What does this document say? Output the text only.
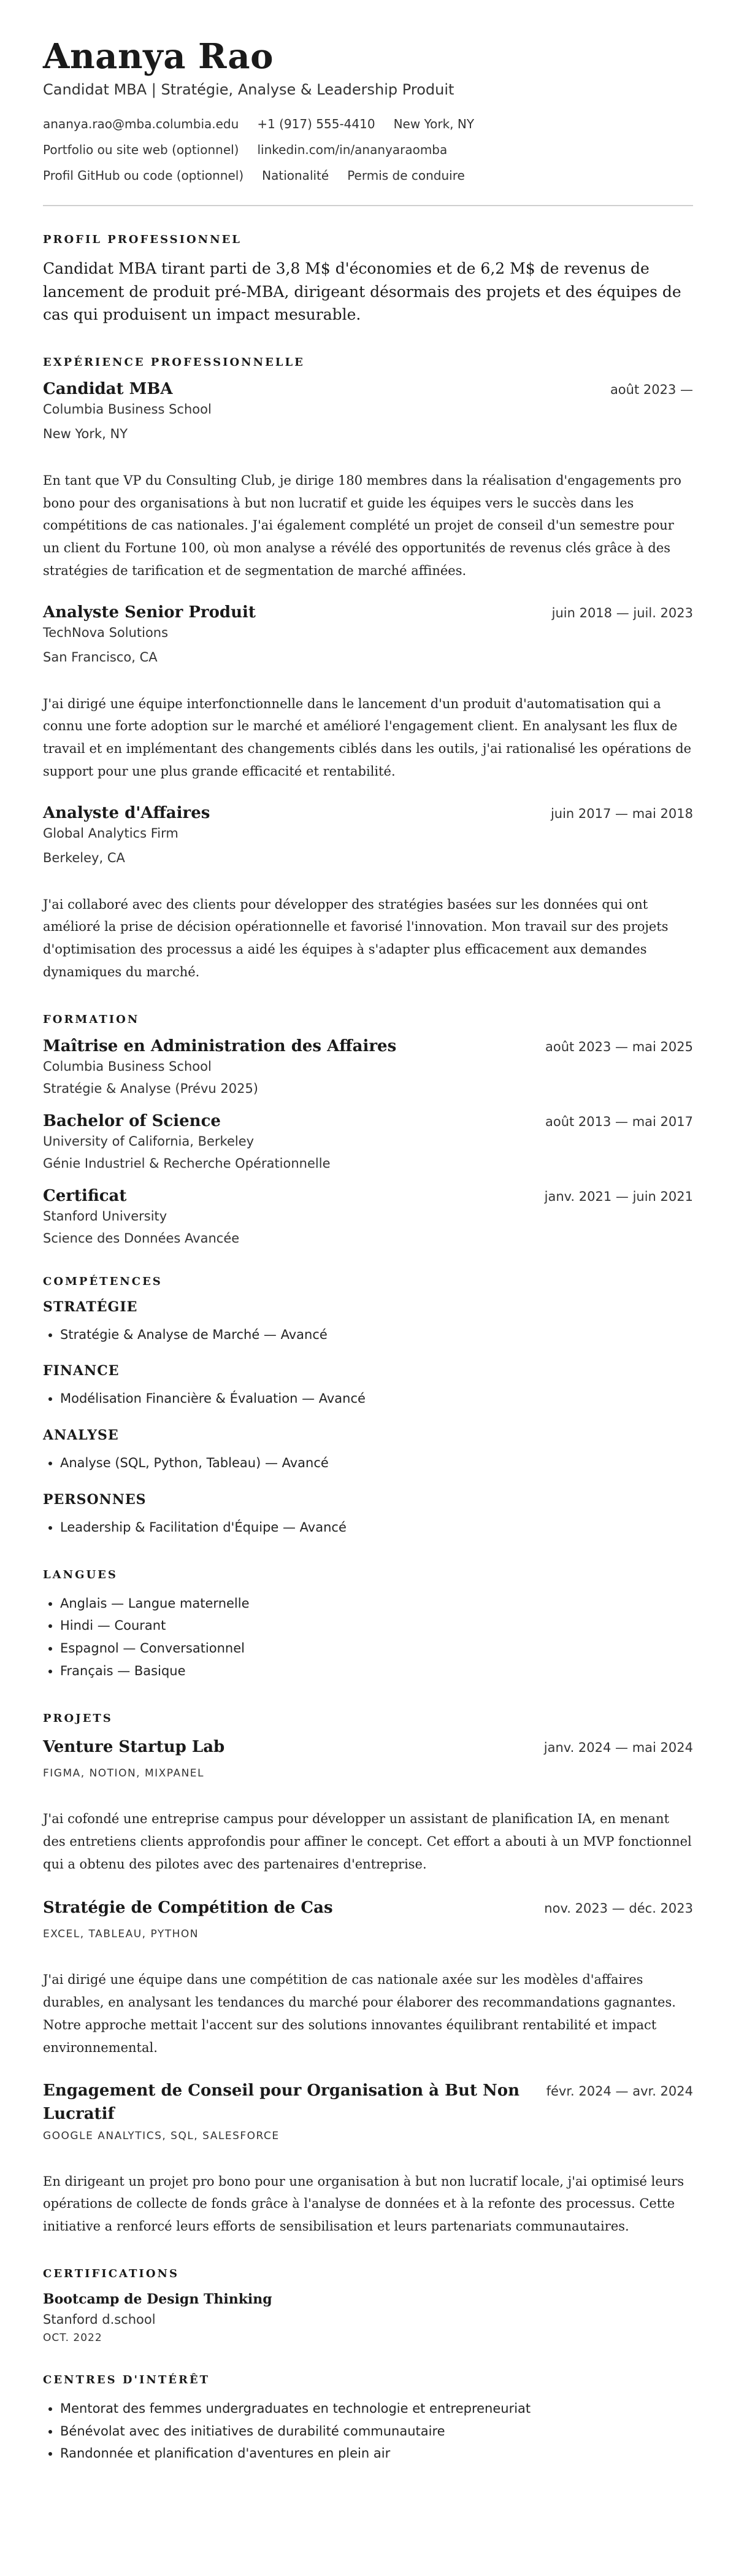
Ananya Rao

Candidat MBA | Stratégie, Analyse & Leadership Produit

ananya.rao@mba.columbia.edu +1 (917) 555-4410 New York, NY
Portfolio ou site web (optionnel) linkedin.com/in/ananyaraomba
Profil GitHub ou code (optionnel) Nationalité Permis de conduire
PROFIL PROFESSIONNEL

Candidat MBA tirant parti de 3,8 M$ d'économies et de 6,2 M$ de revenus de lancement de produit pré-MBA, dirigeant désormais des projets et des équipes de cas qui produisent un impact mesurable.

EXPÉRIENCE PROFESSIONNELLE
Candidat MBA	août 2023 —

Columbia Business School

New York, NY

En tant que VP du Consulting Club, je dirige 180 membres dans la réalisation d'engagements pro bono pour des organisations à but non lucratif et guide les équipes vers le succès dans les compétitions de cas nationales. J'ai également complété un projet de conseil d'un semestre pour un client du Fortune 100, où mon analyse a révélé des opportunités de revenus clés grâce à des stratégies de tarification et de segmentation de marché affinées.

Analyste Senior Produit	juin 2018 — juil. 2023

TechNova Solutions

San Francisco, CA

J'ai dirigé une équipe interfonctionnelle dans le lancement d'un produit d'automatisation qui a connu une forte adoption sur le marché et amélioré l'engagement client. En analysant les flux de travail et en implémentant des changements ciblés dans les outils, j'ai rationalisé les opérations de support pour une plus grande efficacité et rentabilité.

Analyste d'Affaires	juin 2017 — mai 2018

Global Analytics Firm

Berkeley, CA

J'ai collaboré avec des clients pour développer des stratégies basées sur les données qui ont amélioré la prise de décision opérationnelle et favorisé l'innovation. Mon travail sur des projets d'optimisation des processus a aidé les équipes à s'adapter plus efficacement aux demandes dynamiques du marché.

FORMATION
Maîtrise en Administration des Affaires	août 2023 — mai 2025

Columbia Business School

Stratégie & Analyse (Prévu 2025)

Bachelor of Science	août 2013 — mai 2017

University of California, Berkeley

Génie Industriel & Recherche Opérationnelle

Certificat	janv. 2021 — juin 2021

Stanford University

Science des Données Avancée

COMPÉTENCES
STRATÉGIE
• Stratégie & Analyse de Marché — Avancé
FINANCE
• Modélisation Financière & Évaluation — Avancé
ANALYSE
• Analyse (SQL, Python, Tableau) — Avancé
PERSONNES
• Leadership & Facilitation d'Équipe — Avancé
LANGUES
• Anglais — Langue maternelle
• Hindi — Courant
• Espagnol — Conversationnel
• Français — Basique
PROJETS
Venture Startup Lab	janv. 2024 — mai 2024

FIGMA, NOTION, MIXPANEL

J'ai cofondé une entreprise campus pour développer un assistant de planification IA, en menant des entretiens clients approfondis pour affiner le concept. Cet effort a abouti à un MVP fonctionnel qui a obtenu des pilotes avec des partenaires d'entreprise.

Stratégie de Compétition de Cas	nov. 2023 — déc. 2023

EXCEL, TABLEAU, PYTHON

J'ai dirigé une équipe dans une compétition de cas nationale axée sur les modèles d'affaires durables, en analysant les tendances du marché pour élaborer des recommandations gagnantes. Notre approche mettait l'accent sur des solutions innovantes équilibrant rentabilité et impact environnemental.

Engagement de Conseil pour Organisation à But Non Lucratif
févr. 2024 — avr. 2024

GOOGLE ANALYTICS, SQL, SALESFORCE

En dirigeant un projet pro bono pour une organisation à but non lucratif locale, j'ai optimisé leurs opérations de collecte de fonds grâce à l'analyse de données et à la refonte des processus. Cette initiative a renforcé leurs efforts de sensibilisation et leurs partenariats communautaires.

CERTIFICATIONS
Bootcamp de Design Thinking

Stanford d.school

OCT. 2022

CENTRES D'INTÉRÊT
• Mentorat des femmes undergraduates en technologie et entrepreneuriat
• Bénévolat avec des initiatives de durabilité communautaire
• Randonnée et planification d'aventures en plein air
